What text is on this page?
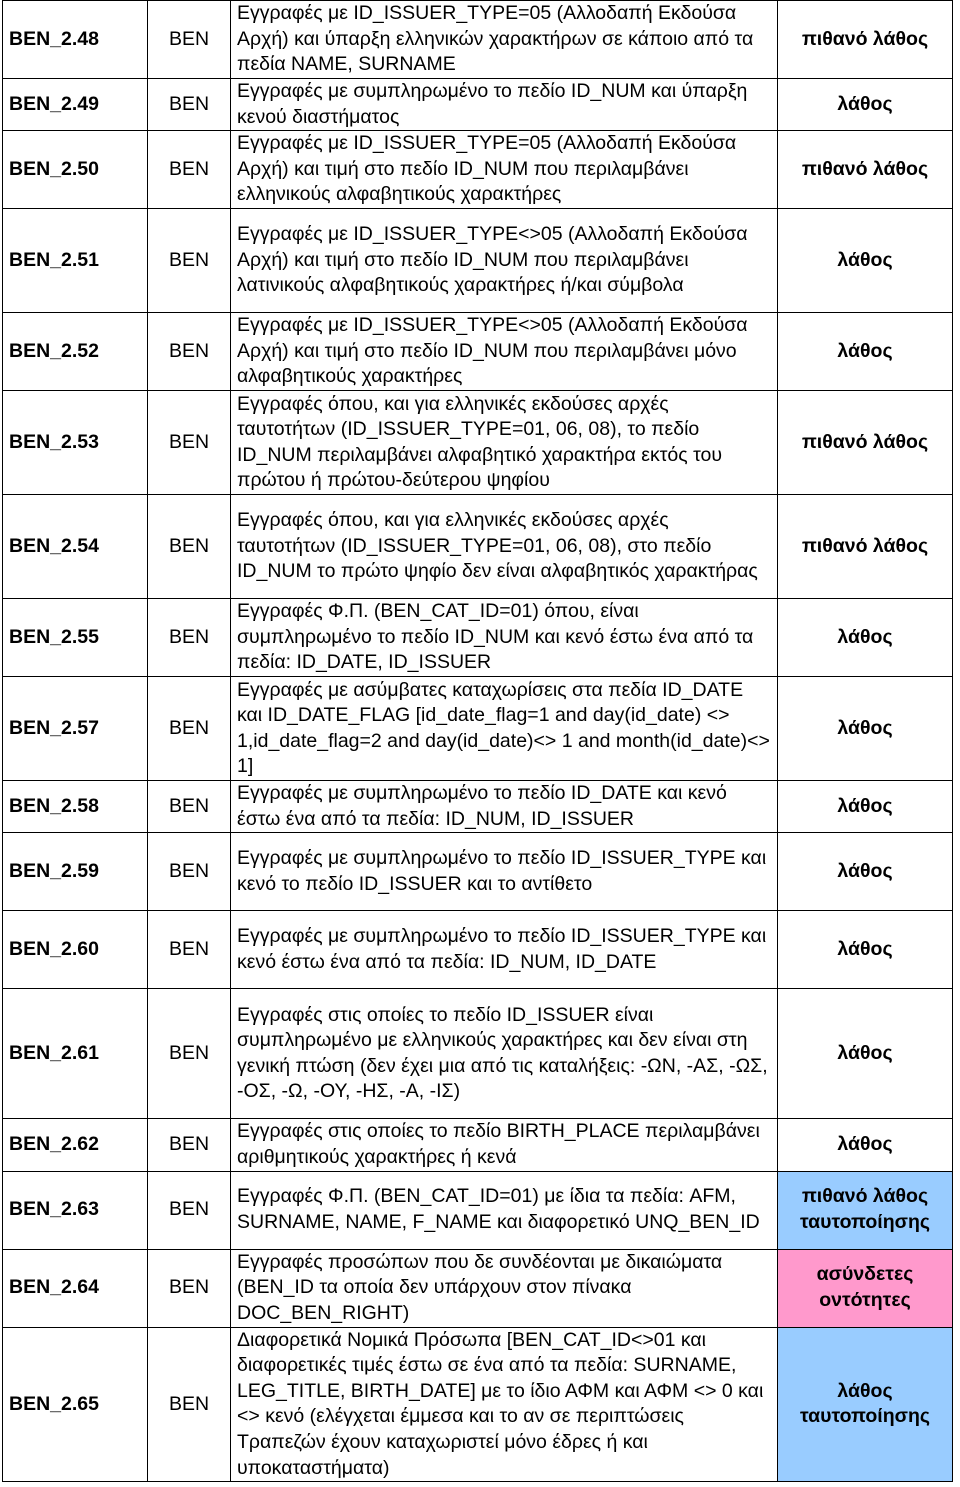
BEN_2.48	BEN	Εγγραφές με ID_ISSUER_TYPE=05 (Αλλοδαπή Εκδούσα Αρχή) και ύπαρξη ελληνικών χαρακτήρων σε κάποιο από τα πεδία NAME, SURNAME	πιθανό λάθος
BEN_2.49	BEN	Εγγραφές με συμπληρωμένο το πεδίο ID_NUM και ύπαρξη κενού διαστήματος	λάθος
BEN_2.50	BEN	Εγγραφές με ID_ISSUER_TYPE=05 (Αλλοδαπή Εκδούσα Αρχή) και τιμή στο πεδίο ID_NUM που περιλαμβάνει ελληνικούς αλφαβητικούς χαρακτήρες	πιθανό λάθος
BEN_2.51	BEN	Εγγραφές με ID_ISSUER_TYPE<>05 (Αλλοδαπή Εκδούσα Αρχή) και τιμή στο πεδίο ID_NUM που περιλαμβάνει λατινικούς αλφαβητικούς χαρακτήρες ή/και σύμβολα	λάθος
BEN_2.52	BEN	Εγγραφές με ID_ISSUER_TYPE<>05 (Αλλοδαπή Εκδούσα Αρχή) και τιμή στο πεδίο ID_NUM που περιλαμβάνει μόνο αλφαβητικούς χαρακτήρες	λάθος
BEN_2.53	BEN	Εγγραφές όπου, και για ελληνικές εκδούσες αρχές ταυτοτήτων (ID_ISSUER_TYPE=01, 06, 08), το πεδίο ID_NUM περιλαμβάνει αλφαβητικό χαρακτήρα εκτός του πρώτου ή πρώτου-δεύτερου ψηφίου	πιθανό λάθος
BEN_2.54	BEN	Εγγραφές όπου, και για ελληνικές εκδούσες αρχές ταυτοτήτων (ID_ISSUER_TYPE=01, 06, 08), στο πεδίο ID_NUM το πρώτο ψηφίο δεν είναι αλφαβητικός χαρακτήρας	πιθανό λάθος
BEN_2.55	BEN	Εγγραφές Φ.Π. (BEN_CAT_ID=01) όπου, είναι συμπληρωμένο το πεδίο ID_NUM και κενό έστω ένα από τα πεδία: ID_DATE, ID_ISSUER	λάθος
BEN_2.57	BEN	Εγγραφές με ασύμβατες καταχωρίσεις στα πεδία ID_DATE και ID_DATE_FLAG [id_date_flag=1 and day(id_date) <> 1,id_date_flag=2 and day(id_date)<> 1 and month(id_date)<> 1]	λάθος
BEN_2.58	BEN	Εγγραφές με συμπληρωμένο το πεδίο ID_DATE και κενό έστω ένα από τα πεδία: ID_NUM, ID_ISSUER	λάθος
BEN_2.59	BEN	Εγγραφές με συμπληρωμένο το πεδίο ID_ISSUER_TYPE και κενό το πεδίο ID_ISSUER και το αντίθετο	λάθος
BEN_2.60	BEN	Εγγραφές με συμπληρωμένο το πεδίο ID_ISSUER_TYPE και κενό έστω ένα από τα πεδία: ID_NUM, ID_DATE	λάθος
BEN_2.61	BEN	Εγγραφές στις οποίες το πεδίο ID_ISSUER είναι συμπληρωμένο με ελληνικούς χαρακτήρες και δεν είναι στη γενική πτώση (δεν έχει μια από τις καταλήξεις: -ΩΝ, -ΑΣ, -ΩΣ, -ΟΣ, -Ω, -ΟΥ, -ΗΣ, -Α, -ΙΣ)	λάθος
BEN_2.62	BEN	Εγγραφές στις οποίες το πεδίο BIRTH_PLACE περιλαμβάνει αριθμητικούς χαρακτήρες ή κενά	λάθος
BEN_2.63	BEN	Εγγραφές Φ.Π. (BEN_CAT_ID=01) με ίδια τα πεδία: AFM, SURNAME, NAME, F_NAME και διαφορετικό UNQ_BEN_ID	πιθανό λάθος ταυτοποίησης
BEN_2.64	BEN	Εγγραφές προσώπων που δε συνδέονται με δικαιώματα (BEN_ID τα οποία δεν υπάρχουν στον πίνακα DOC_BEN_RIGHT)	ασύνδετες οντότητες
BEN_2.65	BEN	Διαφορετικά Νομικά Πρόσωπα [BEN_CAT_ID<>01 και διαφορετικές τιμές έστω σε ένα από τα πεδία: SURNAME, LEG_TITLE, BIRTH_DATE] με το ίδιο ΑΦΜ και ΑΦΜ <> 0 και <> κενό (ελέγχεται έμμεσα και το αν σε περιπτώσεις Τραπεζών έχουν καταχωριστεί μόνο έδρες ή και υποκαταστήματα)	λάθος ταυτοποίησης
